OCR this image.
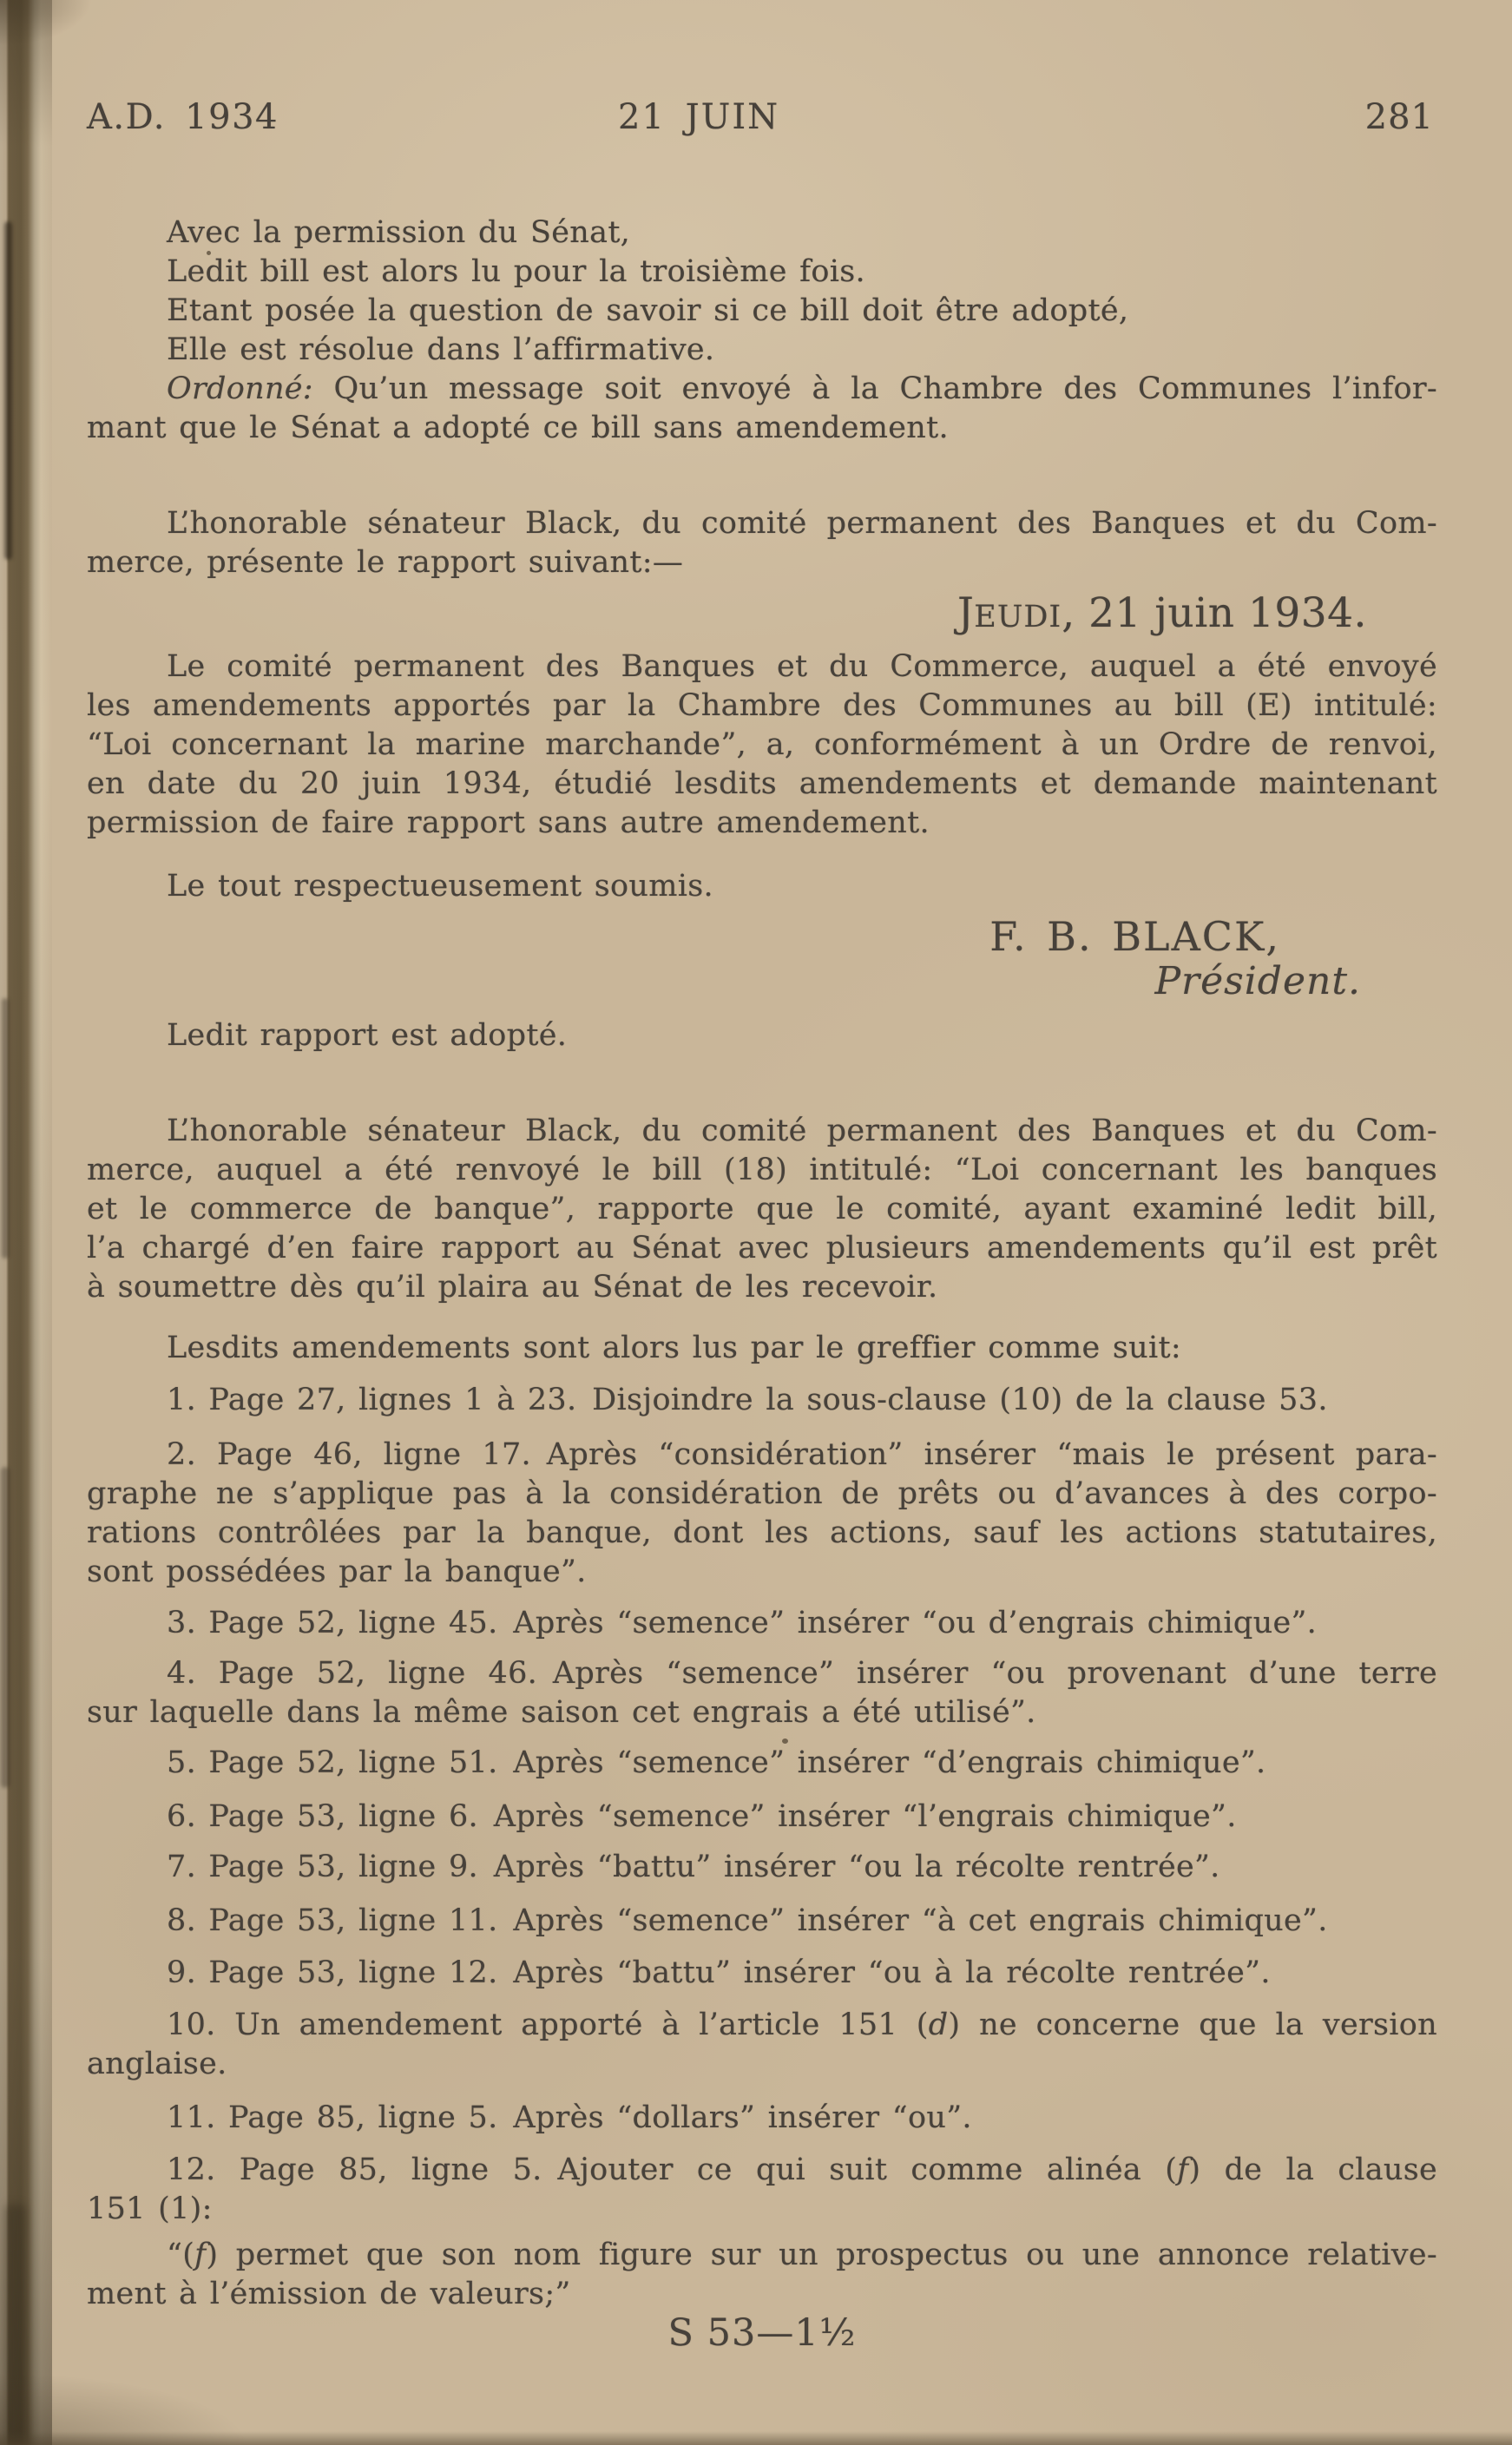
A.D. 1934	21 JUIN	281
Avec la permission du Sénat,
Ledit bill est alors lu pour la troisième fois.
Etant posée la question de savoir si ce bill doit être adopté,
Elle est résolue dans l’affirmative.
Ordonné: Qu’un message soit envoyé à la Chambre des Communes l’infor-
mant que le Sénat a adopté ce bill sans amendement.
L’honorable sénateur Black, du comité permanent des Banques et du Com-
merce, présente le rapport suivant:—
Le comité permanent des Banques et du Commerce, auquel a été envoyé
les amendements apportés par la Chambre des Communes au bill (E) intitulé:
“Loi concernant la marine marchande”, a, conformément à un Ordre de renvoi,
en date du 20 juin 1934, étudié lesdits amendements et demande maintenant
permission de faire rapport sans autre amendement.
Le tout respectueusement soumis.
Ledit rapport est adopté.
L’honorable sénateur Black, du comité permanent des Banques et du Com-
merce, auquel a été renvoyé le bill (18) intitulé: “Loi concernant les banques
et le commerce de banque”, rapporte que le comité, ayant examiné ledit bill,
l’a chargé d’en faire rapport au Sénat avec plusieurs amendements qu’il est prêt
à soumettre dès qu’il plaira au Sénat de les recevoir.
Lesdits amendements sont alors lus par le greffier comme suit:
1. Page 27, lignes 1 à 23. Disjoindre la sous-clause (10) de la clause 53.
2. Page 46, ligne 17. Après “considération” insérer “mais le présent para-
graphe ne s’applique pas à la considération de prêts ou d’avances à des corpo-
rations contrôlées par la banque, dont les actions, sauf les actions statutaires,
sont possédées par la banque”.
3. Page 52, ligne 45. Après “semence” insérer “ou d’engrais chimique”.
4. Page 52, ligne 46. Après “semence” insérer “ou provenant d’une terre
sur laquelle dans la même saison cet engrais a été utilisé”.
5. Page 52, ligne 51. Après “semence” insérer “d’engrais chimique”.
6. Page 53, ligne 6. Après “semence” insérer “l’engrais chimique”.
7. Page 53, ligne 9. Après “battu” insérer “ou la récolte rentrée”.
8. Page 53, ligne 11. Après “semence” insérer “à cet engrais chimique”.
9. Page 53, ligne 12. Après “battu” insérer “ou à la récolte rentrée”.
10. Un amendement apporté à l’article 151 (d) ne concerne que la version
anglaise.
11. Page 85, ligne 5. Après “dollars” insérer “ou”.
12. Page 85, ligne 5. Ajouter ce qui suit comme alinéa (f) de la clause
151 (1):
“(f) permet que son nom figure sur un prospectus ou une annonce relative-
ment à l’émission de valeurs;”
JEUDI, 21 juin 1934.
F. B. BLACK,
Président.
S 53—1½
